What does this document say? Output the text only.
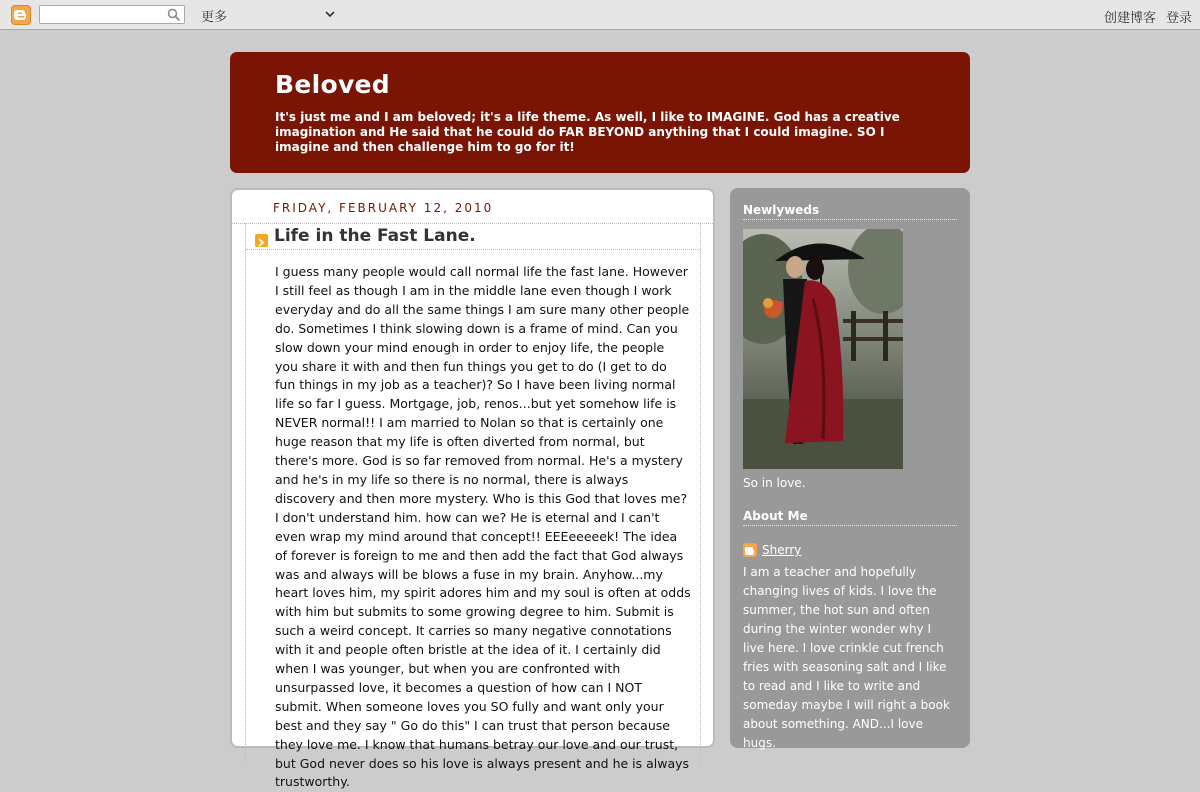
更多	创建博客 登录
Beloved
It's just me and I am beloved; it's a life theme. As well, I like to IMAGINE. God has a creative imagination and He said that he could do FAR BEYOND anything that I could imagine. SO I imagine and then challenge him to go for it!
FRIDAY, FEBRUARY 12, 2010
Life in the Fast Lane.
I guess many people would call normal life the fast lane. However I still feel as though I am in the middle lane even though I work everyday and do all the same things I am sure many other people do. Sometimes I think slowing down is a frame of mind. Can you slow down your mind enough in order to enjoy life, the people you share it with and then fun things you get to do (I get to do fun things in my job as a teacher)? So I have been living normal life so far I guess. Mortgage, job, renos...but yet somehow life is NEVER normal!! I am married to Nolan so that is certainly one huge reason that my life is often diverted from normal, but there's more. God is so far removed from normal. He's a mystery and he's in my life so there is no normal, there is always discovery and then more mystery. Who is this God that loves me? I don't understand him. how can we? He is eternal and I can't even wrap my mind around that concept!! EEEeeeeek! The idea of forever is foreign to me and then add the fact that God always was and always will be blows a fuse in my brain. Anyhow...my heart loves him, my spirit adores him and my soul is often at odds with him but submits to some growing degree to him. Submit is such a weird concept. It carries so many negative connotations with it and people often bristle at the idea of it. I certainly did when I was younger, but when you are confronted with unsurpassed love, it becomes a question of how can I NOT submit. When someone loves you SO fully and want only your best and they say " Go do this" I can trust that person because they love me. I know that humans betray our love and our trust, but God never does so his love is always present and he is always trustworthy.
Newlyweds
So in love.
About Me
Sherry
I am a teacher and hopefully changing lives of kids. I love the summer, the hot sun and often during the winter wonder why I live here. I love crinkle cut french fries with seasoning salt and I like to read and I like to write and someday maybe I will right a book about something. AND...I love hugs.
